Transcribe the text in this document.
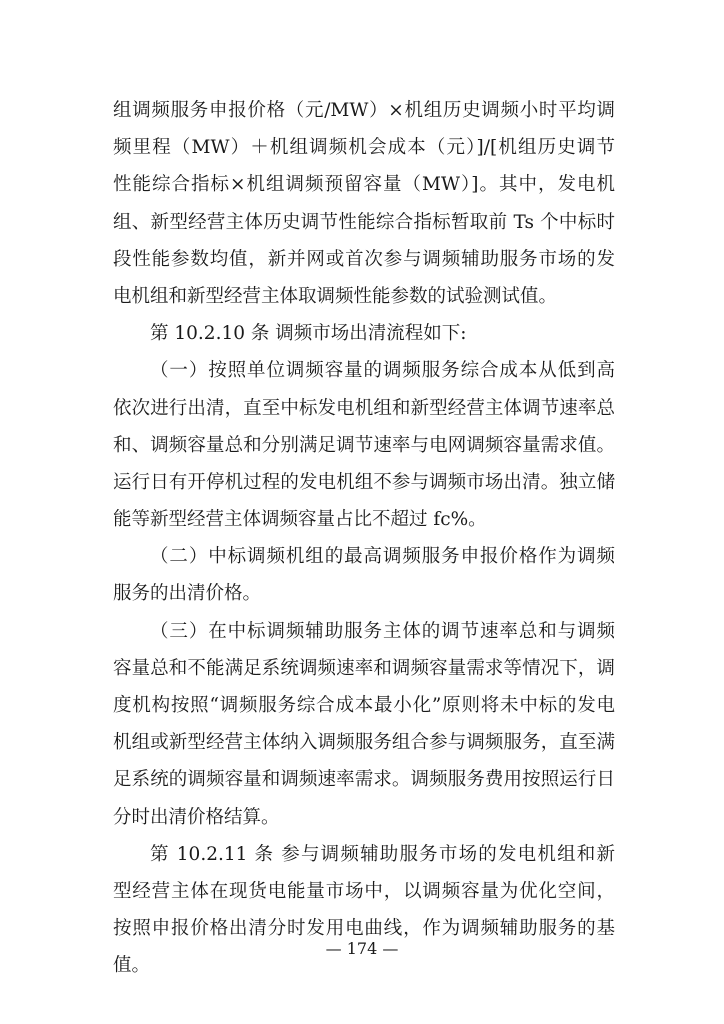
组调频服务申报价格（元/MW）×机组历史调频小时平均调
频里程（MW）＋机组调频机会成本（元）]/[机组历史调节
性能综合指标×机组调频预留容量（MW）]。其中，发电机
组、新型经营主体历史调节性能综合指标暂取前 Ts 个中标时
段性能参数均值，新并网或首次参与调频辅助服务市场的发
电机组和新型经营主体取调频性能参数的试验测试值。
第 10.2.10 条 调频市场出清流程如下:
（一）按照单位调频容量的调频服务综合成本从低到高
依次进行出清，直至中标发电机组和新型经营主体调节速率总
和、调频容量总和分别满足调节速率与电网调频容量需求值。
运行日有开停机过程的发电机组不参与调频市场出清。独立储
能等新型经营主体调频容量占比不超过 fc%。
（二）中标调频机组的最高调频服务申报价格作为调频
服务的出清价格。
（三）在中标调频辅助服务主体的调节速率总和与调频
容量总和不能满足系统调频速率和调频容量需求等情况下，调
度机构按照“调频服务综合成本最小化”原则将未中标的发电
机组或新型经营主体纳入调频服务组合参与调频服务，直至满
足系统的调频容量和调频速率需求。调频服务费用按照运行日
分时出清价格结算。
第 10.2.11 条 参与调频辅助服务市场的发电机组和新
型经营主体在现货电能量市场中，以调频容量为优化空间，
按照申报价格出清分时发用电曲线，作为调频辅助服务的基
值。
— 174 —
